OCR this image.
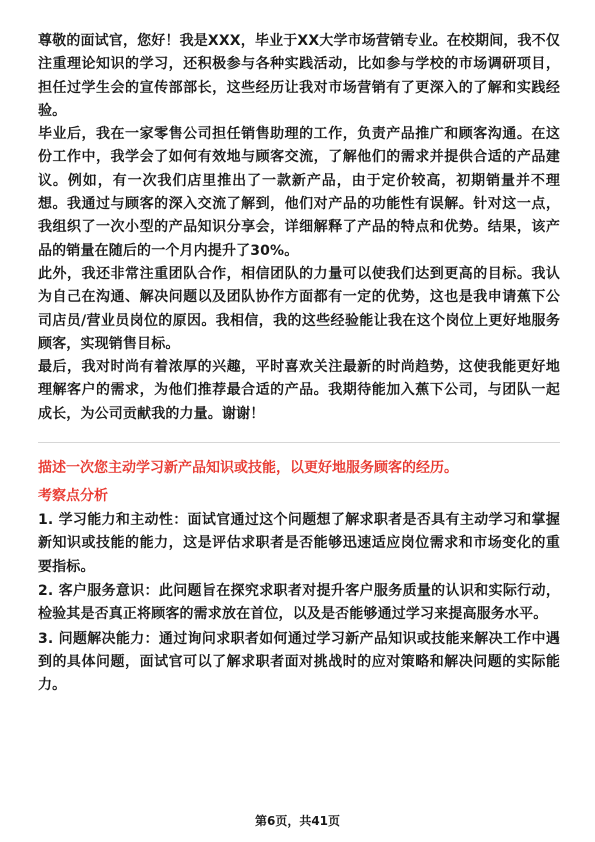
尊敬的面试官，您好！我是XXX，毕业于XX大学市场营销专业。在校期间，我不仅注重理论知识的学习，还积极参与各种实践活动，比如参与学校的市场调研项目，担任过学生会的宣传部部长，这些经历让我对市场营销有了更深入的了解和实践经验。

毕业后，我在一家零售公司担任销售助理的工作，负责产品推广和顾客沟通。在这份工作中，我学会了如何有效地与顾客交流，了解他们的需求并提供合适的产品建议。例如，有一次我们店里推出了一款新产品，由于定价较高，初期销量并不理想。我通过与顾客的深入交流了解到，他们对产品的功能性有误解。针对这一点，我组织了一次小型的产品知识分享会，详细解释了产品的特点和优势。结果，该产品的销量在随后的一个月内提升了30%。

此外，我还非常注重团队合作，相信团队的力量可以使我们达到更高的目标。我认为自己在沟通、解决问题以及团队协作方面都有一定的优势，这也是我申请蕉下公司店员/营业员岗位的原因。我相信，我的这些经验能让我在这个岗位上更好地服务顾客，实现销售目标。

最后，我对时尚有着浓厚的兴趣，平时喜欢关注最新的时尚趋势，这使我能更好地理解客户的需求，为他们推荐最合适的产品。我期待能加入蕉下公司，与团队一起成长，为公司贡献我的力量。谢谢！

描述一次您主动学习新产品知识或技能，以更好地服务顾客的经历。

考察点分析

1. 学习能力和主动性：面试官通过这个问题想了解求职者是否具有主动学习和掌握新知识或技能的能力，这是评估求职者是否能够迅速适应岗位需求和市场变化的重要指标。

2. 客户服务意识：此问题旨在探究求职者对提升客户服务质量的认识和实际行动，检验其是否真正将顾客的需求放在首位，以及是否能够通过学习来提高服务水平。

3. 问题解决能力：通过询问求职者如何通过学习新产品知识或技能来解决工作中遇到的具体问题，面试官可以了解求职者面对挑战时的应对策略和解决问题的实际能力。

第6页，共41页
